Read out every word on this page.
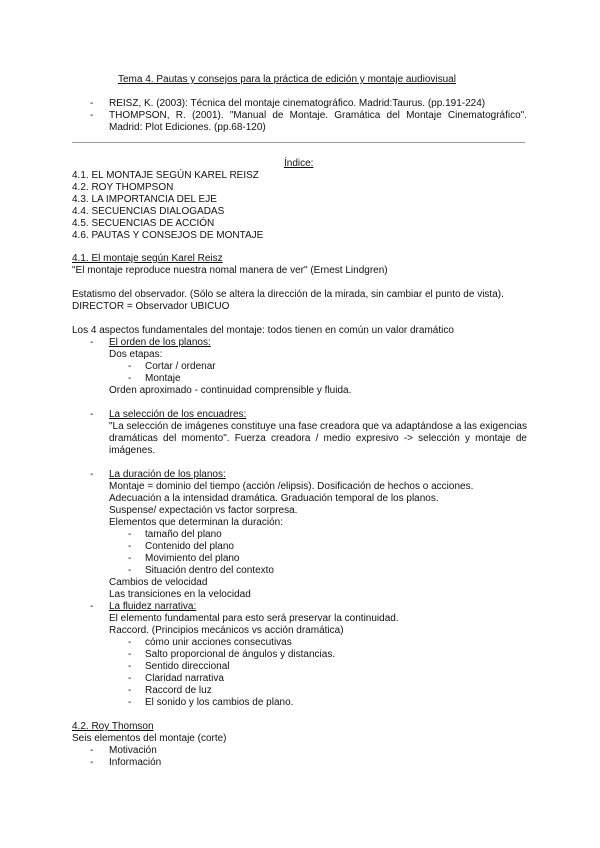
Tema 4. Pautas y consejos para la práctica de edición y montaje audiovisual
- REISZ, K. (2003): Técnica del montaje cinematográfico. Madrid:Taurus. (pp.191-224)
- THOMPSON, R. (2001). "Manual de Montaje. Gramática del Montaje Cinematográfico". Madrid: Plot Ediciones. (pp.68-120)
Índice:
4.1. EL MONTAJE SEGÚN KAREL REISZ
4.2. ROY THOMPSON
4.3. LA IMPORTANCIA DEL EJE
4.4. SECUENCIAS DIALOGADAS
4.5. SECUENCIAS DE ACCIÓN
4.6. PAUTAS Y CONSEJOS DE MONTAJE
4.1. El montaje según Karel Reisz
"El montaje reproduce nuestra nomal manera de ver" (Ernest Lindgren)
Estatismo del observador. (Sólo se altera la dirección de la mirada, sin cambiar el punto de vista).
DIRECTOR = Observador UBICUO
Los 4 aspectos fundamentales del montaje: todos tienen en común un valor dramático
- El orden de los planos:
Dos etapas:
- Cortar / ordenar
- Montaje
Orden aproximado - continuidad comprensible y fluida.
- La selección de los encuadres:
"La selección de imágenes constituye una fase creadora que va adaptándose a las exigencias dramáticas del momento". Fuerza creadora / medio expresivo -> selección y montaje de imágenes.
- La duración de los planos:
Montaje = dominio del tiempo (acción /elipsis). Dosificación de hechos o acciones.
Adecuación a la intensidad dramática. Graduación temporal de los planos.
Suspense/ expectación vs factor sorpresa.
Elementos que determinan la duración:
- tamaño del plano
- Contenido del plano
- Movimiento del plano
- Situación dentro del contexto
Cambios de velocidad
Las transiciones en la velocidad
- La fluidez narrativa:
El elemento fundamental para esto será preservar la continuidad.
Raccord. (Principios mecánicos vs acción dramática)
- cómo unir acciones consecutivas
- Salto proporcional de ángulos y distancias.
- Sentido direccional
- Claridad narrativa
- Raccord de luz
- El sonido y los cambios de plano.
4.2. Roy Thomson
Seis elementos del montaje (corte)
- Motivación
- Información
